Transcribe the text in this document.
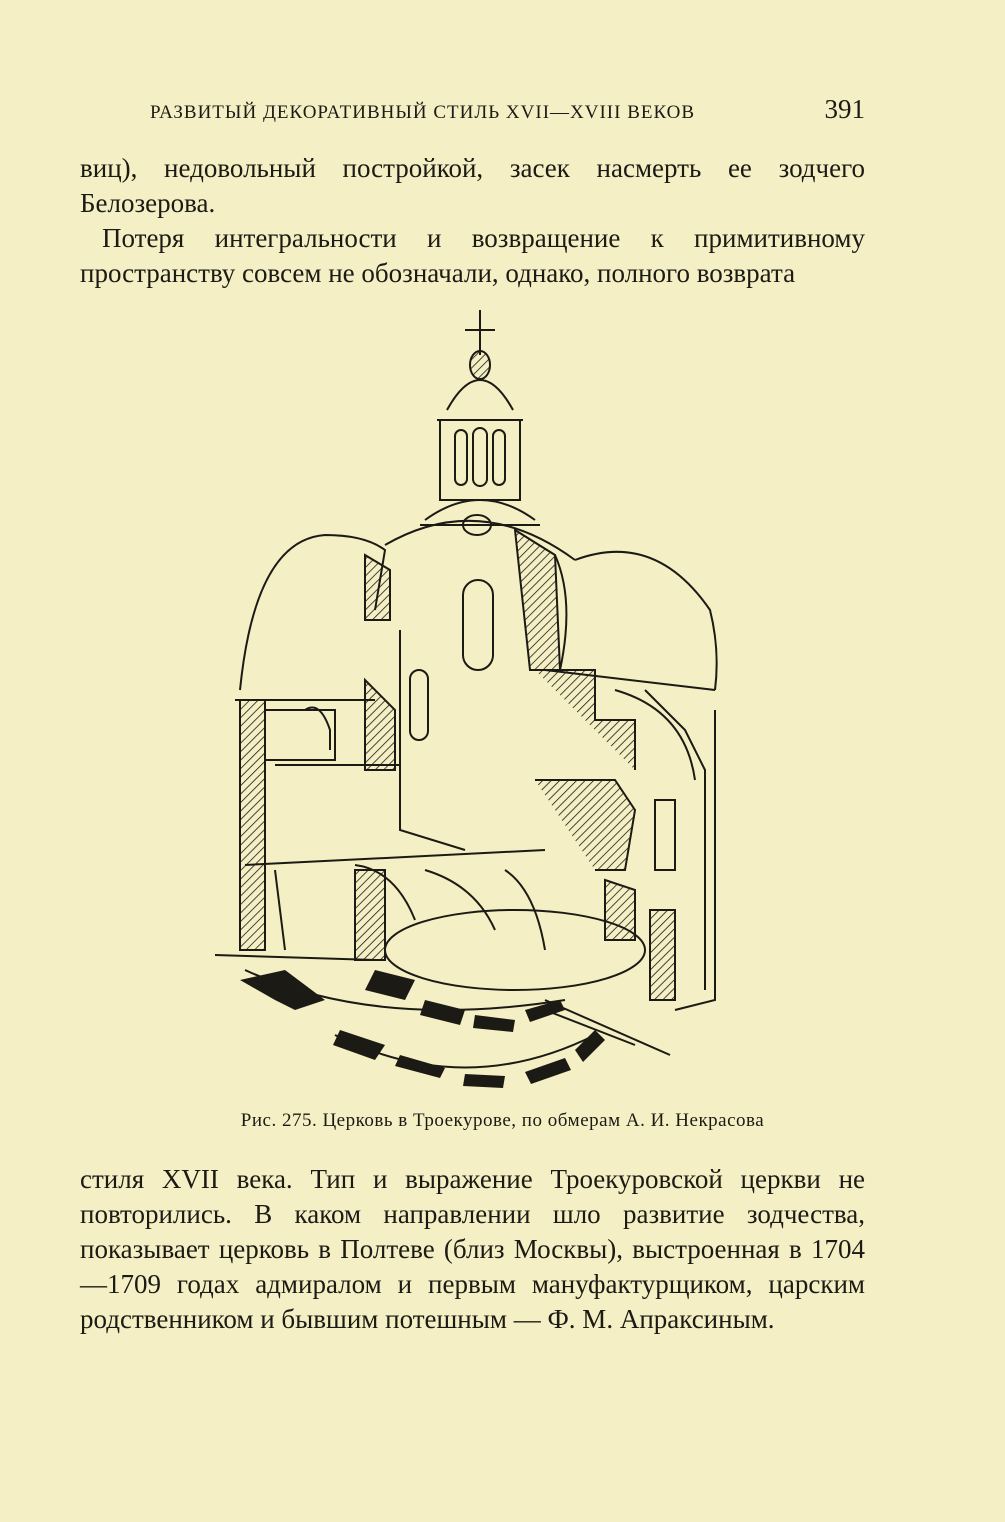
РАЗВИТЫЙ ДЕКОРАТИВНЫЙ СТИЛЬ XVII—XVIII ВЕКОВ	391

виц), недовольный постройкой, засек насмерть ее зодчего Белозерова.

Потеря интегральности и возвращение к примитивному пространству совсем не обозначали, однако, полного возврата

Рис. 275. Церковь в Троекурове, по обмерам А. И. Некрасова

стиля XVII века. Тип и выражение Троекуровской церкви не повторились. В каком направлении шло развитие зодчества, показывает церковь в Полтеве (близ Москвы), выстроенная в 1704—1709 годах адмиралом и первым мануфактурщиком, царским родственником и бывшим потешным — Ф. М. Апраксиным.
